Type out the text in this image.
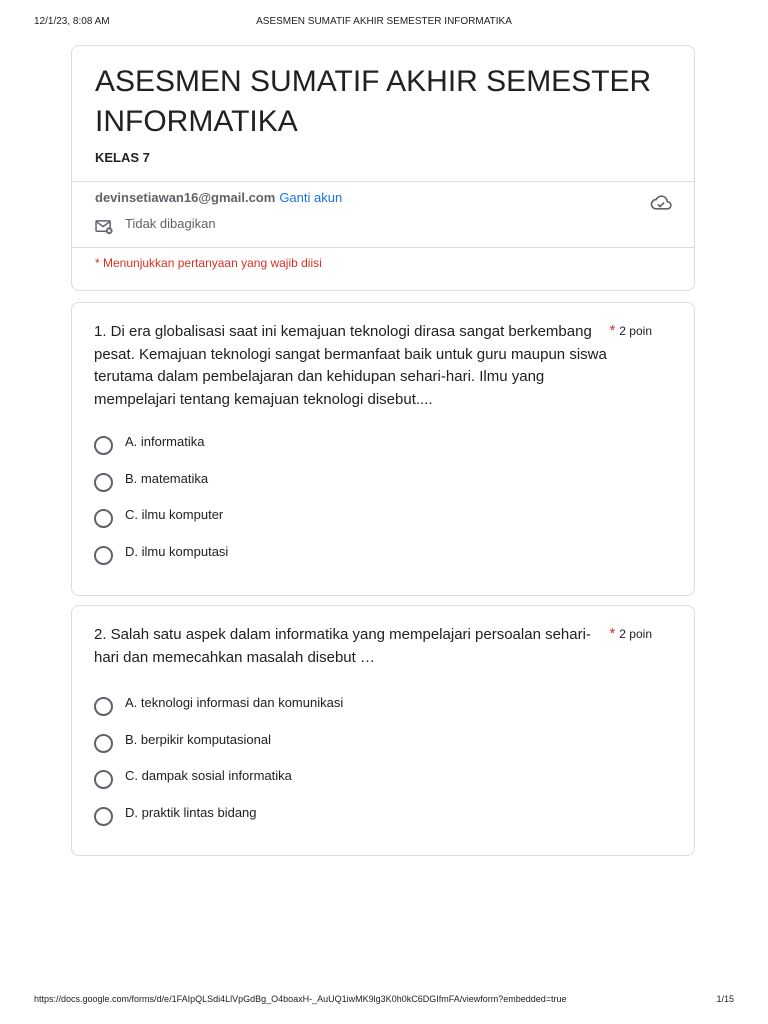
12/1/23, 8:08 AM	ASESMEN SUMATIF AKHIR SEMESTER INFORMATIKA
ASESMEN SUMATIF AKHIR SEMESTER INFORMATIKA
KELAS 7
devinsetiawan16@gmail.com Ganti akun
Tidak dibagikan
* Menunjukkan pertanyaan yang wajib diisi
1. Di era globalisasi saat ini kemajuan teknologi dirasa sangat berkembang pesat. Kemajuan teknologi sangat bermanfaat baik untuk guru maupun siswa terutama dalam pembelajaran dan kehidupan sehari-hari. Ilmu yang mempelajari tentang kemajuan teknologi disebut....
* 2 poin
A. informatika
B. matematika
C. ilmu komputer
D. ilmu komputasi
2. Salah satu aspek dalam informatika yang mempelajari persoalan sehari-hari dan memecahkan masalah disebut …
* 2 poin
A. teknologi informasi dan komunikasi
B. berpikir komputasional
C. dampak sosial informatika
D. praktik lintas bidang
https://docs.google.com/forms/d/e/1FAIpQLSdi4LlVpGdBg_O4boaxH-_AuUQ1iwMK9lg3K0h0kC6DGIfmFA/viewform?embedded=true	1/15
